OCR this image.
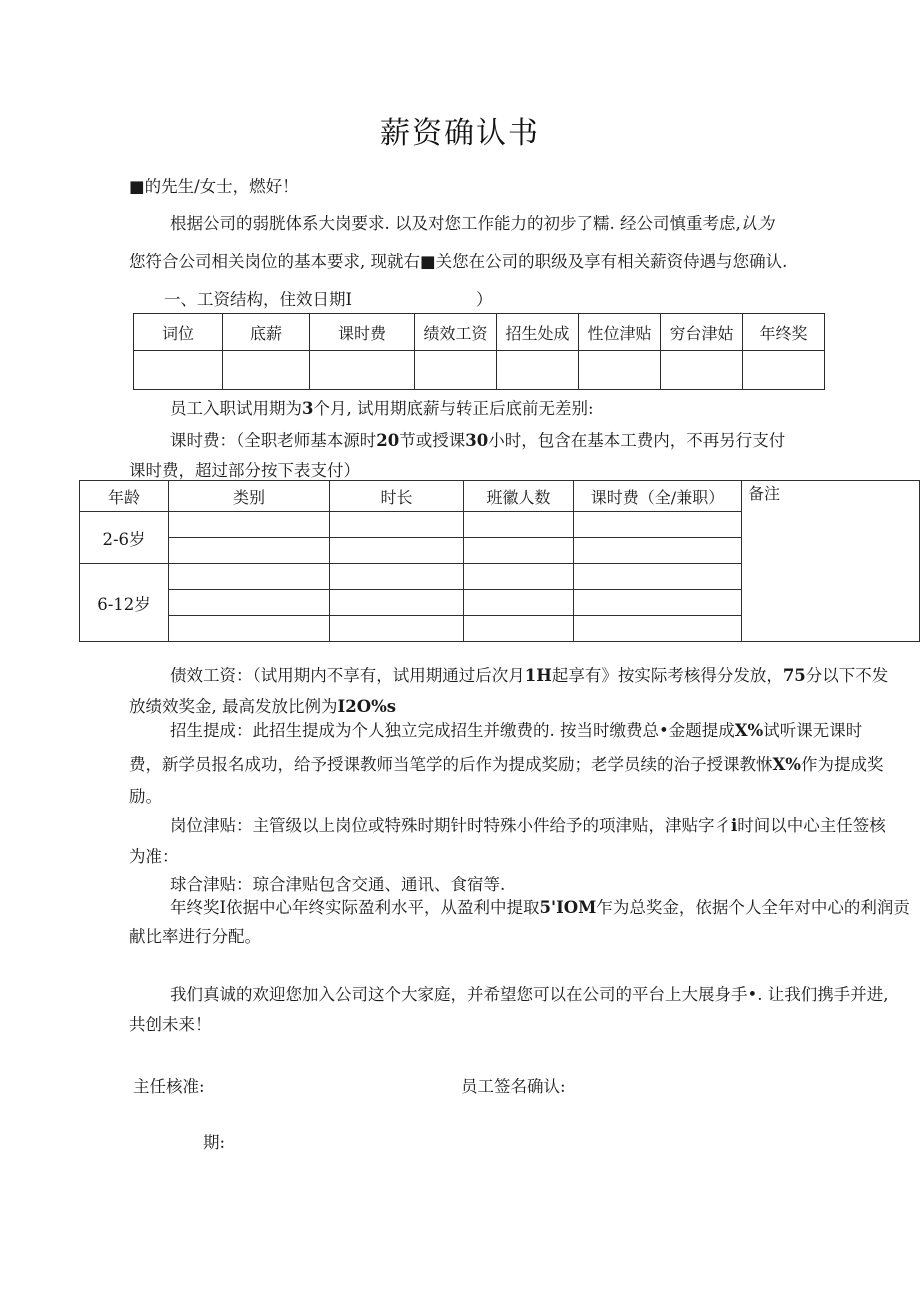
薪资确认书
■的先生/女士，燃好！
根据公司的弱胱体系大岗要求. 以及对您工作能力的初步了糯. 经公司慎重考虑,认为
您符合公司相关岗位的基本要求, 现就右■关您在公司的职级及享有相关薪资侍遇与您确认.
一、工资结构，住效日期I	）
词位	底薪	课时费	绩效工资	招生处成	性位津贴	穷台津姑	年终奖

员工入职试用期为3个月, 试用期底薪与转正后底前无差别:
课时费：（全职老师基本源时20节或授课30小时，包含在基本工费内，不再另行支付
课时费，超过部分按下表支付）
年龄	类别	时长	班徽人数	课时费（全/兼职）	备注
2-6岁					

6-12岁					

债效工资：（试用期内不享有，试用期通过后次月1H起享有》按实际考核得分发放，75分以下不发
放绩效奖金, 最高发放比例为I2O%s
招生提成：此招生提成为个人独立完成招生并缴费的. 按当时缴费总•金题提成X%试听课无课时
费，新学员报名成功，给予授课教师当笔学的后作为提成奖励；老学员续的治子授课教恘X%作为提成奖
励。
岗位津贴：主管级以上岗位或特殊时期针时特殊小件给予的项津贴，津贴字彳i时间以中心主任签核
为准：
球合津贴：琼合津贴包含交通、通讯、食宿等.
年终奖I依据中心年终实际盈利水平，从盈利中提取5'IOM乍为总奖金，依据个人全年对中心的利润贡
献比率进行分配。
我们真诚的欢迎您加入公司这个大家庭，并希望您可以在公司的平台上大展身手•. 让我们携手并进,
共创未来！
主任核准:	员工签名确认:
期:
